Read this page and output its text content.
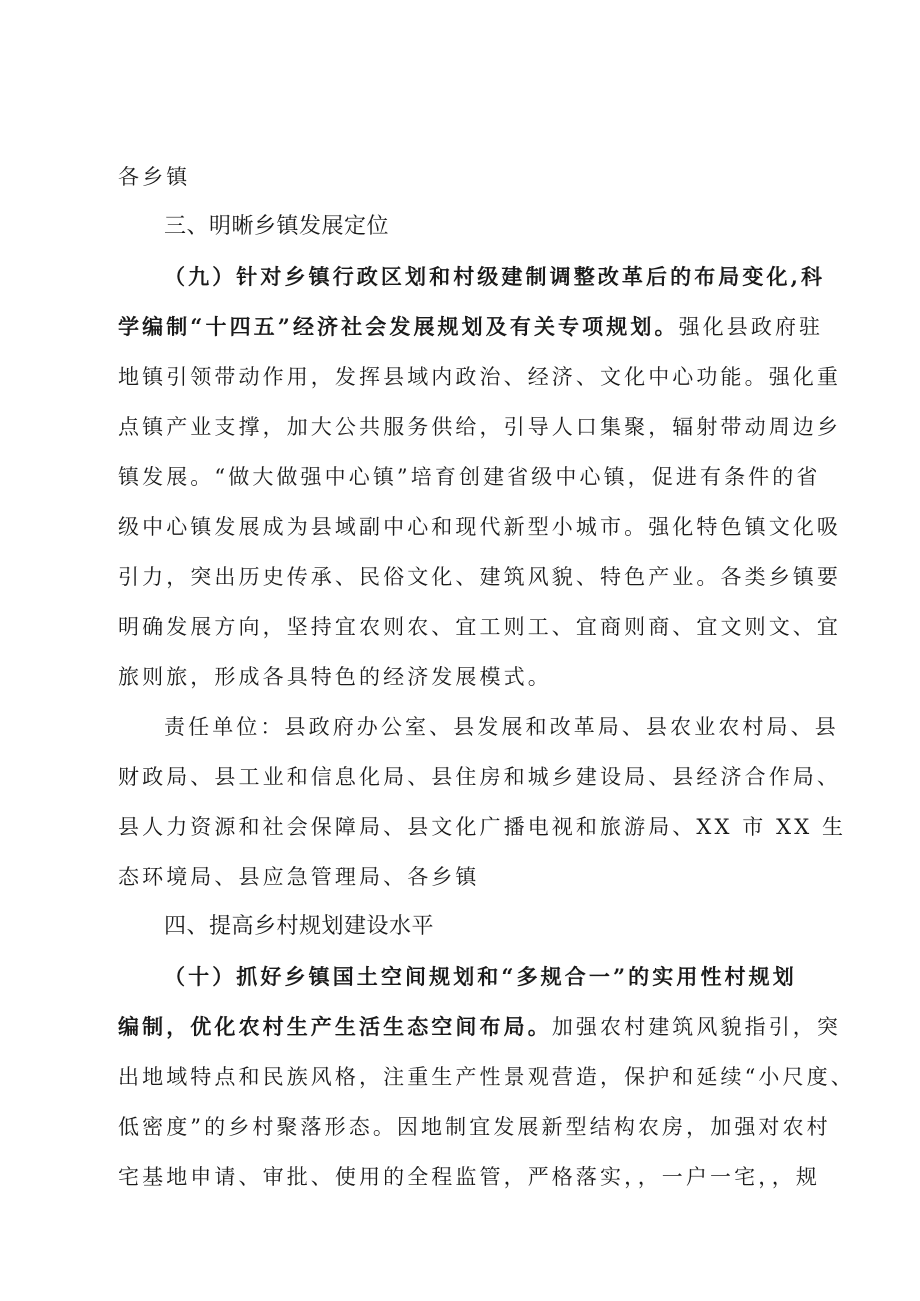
各乡镇
三、明晰乡镇发展定位
（九）针对乡镇行政区划和村级建制调整改革后的布局变化,科
学编制“十四五”经济社会发展规划及有关专项规划。强化县政府驻
地镇引领带动作用，发挥县域内政治、经济、文化中心功能。强化重
点镇产业支撑，加大公共服务供给，引导人口集聚，辐射带动周边乡
镇发展。“做大做强中心镇”培育创建省级中心镇，促进有条件的省
级中心镇发展成为县域副中心和现代新型小城市。强化特色镇文化吸
引力，突出历史传承、民俗文化、建筑风貌、特色产业。各类乡镇要
明确发展方向，坚持宜农则农、宜工则工、宜商则商、宜文则文、宜
旅则旅，形成各具特色的经济发展模式。
责任单位：县政府办公室、县发展和改革局、县农业农村局、县
财政局、县工业和信息化局、县住房和城乡建设局、县经济合作局、
县人力资源和社会保障局、县文化广播电视和旅游局、XX 市 XX 生
态环境局、县应急管理局、各乡镇
四、提高乡村规划建设水平
（十）抓好乡镇国土空间规划和“多规合一”的实用性村规划
编制，优化农村生产生活生态空间布局。加强农村建筑风貌指引，突
出地域特点和民族风格，注重生产性景观营造，保护和延续“小尺度、
低密度”的乡村聚落形态。因地制宜发展新型结构农房，加强对农村
宅基地申请、审批、使用的全程监管，严格落实，，一户一宅，，规
